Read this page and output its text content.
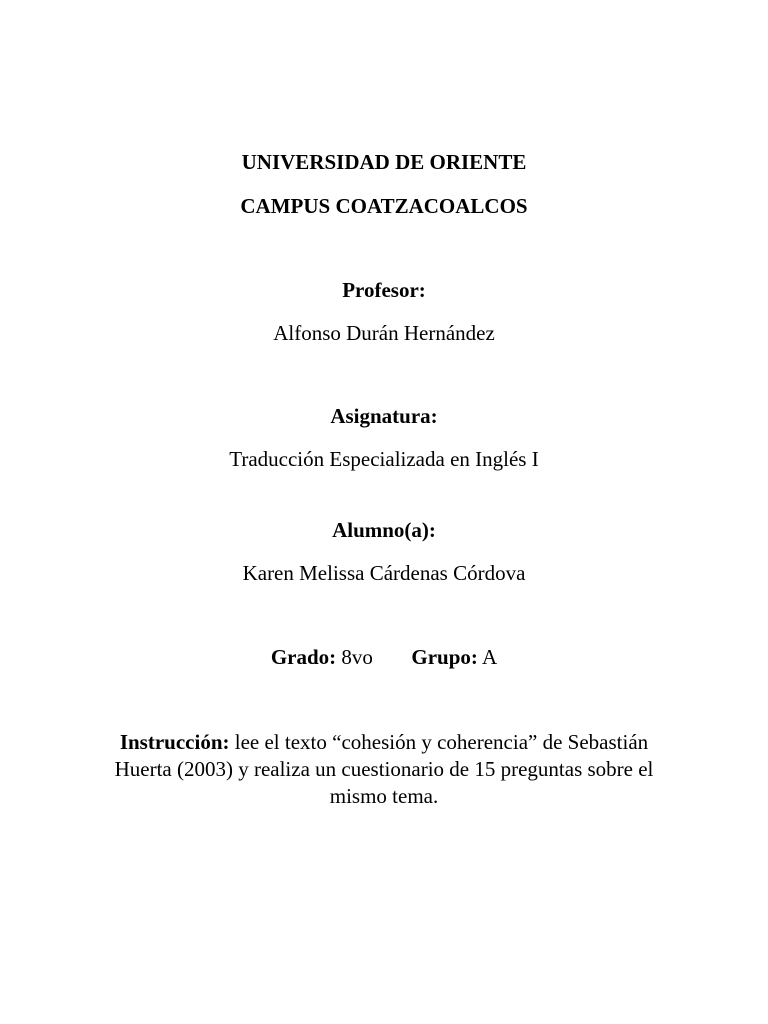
UNIVERSIDAD DE ORIENTE
CAMPUS COATZACOALCOS
Profesor:
Alfonso Durán Hernández
Asignatura:
Traducción Especializada en Inglés I
Alumno(a):
Karen Melissa Cárdenas Córdova
Grado: 8vo Grupo: A
Instrucción: lee el texto “cohesión y coherencia” de Sebastián Huerta (2003) y realiza un cuestionario de 15 preguntas sobre el mismo tema.
